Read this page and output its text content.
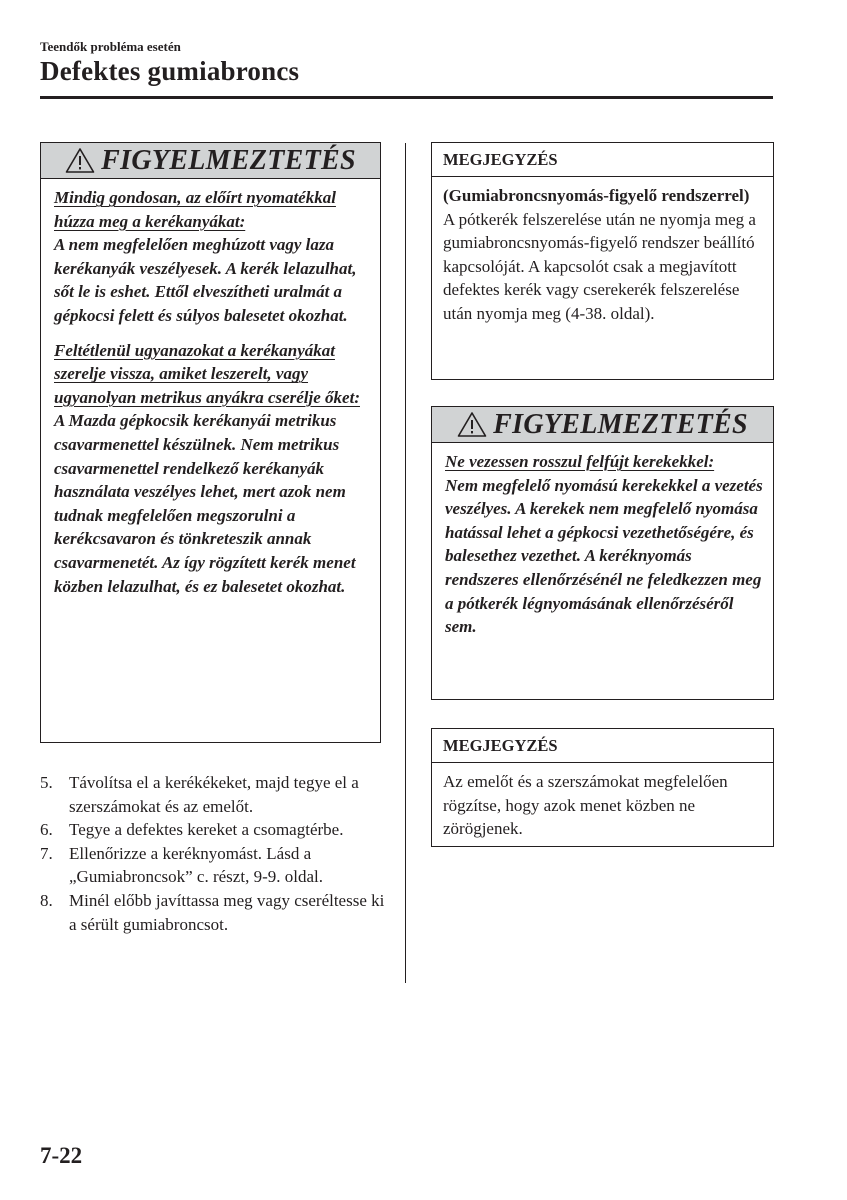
Teendők probléma esetén
Defektes gumiabroncs
FIGYELMEZTETÉS

Mindig gondosan, az előírt nyomatékkal húzza meg a kerékanyákat:
A nem megfelelően meghúzott vagy laza kerékanyák veszélyesek. A kerék lelazulhat, sőt le is eshet. Ettől elveszítheti uralmát a gépkocsi felett és súlyos balesetet okozhat.

Feltétlenül ugyanazokat a kerékanyákat szerelje vissza, amiket leszerelt, vagy ugyanolyan metrikus anyákra cserélje őket:
A Mazda gépkocsik kerékanyái metrikus csavarmenettel készülnek. Nem metrikus csavarmenettel rendelkező kerékanyák használata veszélyes lehet, mert azok nem tudnak megfelelően megszorulni a kerékcsavaron és tönkreteszik annak csavarmenetét. Az így rögzített kerék menet közben lelazulhat, és ez balesetet okozhat.

5. Távolítsa el a kerékékeket, majd tegye el a szerszámokat és az emelőt.
6. Tegye a defektes kereket a csomagtérbe.
7. Ellenőrizze a keréknyomást. Lásd a „Gumiabroncsok” c. részt, 9-9. oldal.
8. Minél előbb javíttassa meg vagy cseréltesse ki a sérült gumiabroncsot.
MEGJEGYZÉS
(Gumiabroncsnyomás-figyelő rendszerrel)
A pótkerék felszerelése után ne nyomja meg a gumiabroncsnyomás-figyelő rendszer beállító kapcsolóját. A kapcsolót csak a megjavított defektes kerék vagy cserekerék felszerelése után nyomja meg (4-38. oldal).
FIGYELMEZTETÉS

Ne vezessen rosszul felfújt kerekekkel:
Nem megfelelő nyomású kerekekkel a vezetés veszélyes. A kerekek nem megfelelő nyomása hatással lehet a gépkocsi vezethetőségére, és balesethez vezethet. A keréknyomás rendszeres ellenőrzésénél ne feledkezzen meg a pótkerék légnyomásának ellenőrzéséről sem.

MEGJEGYZÉS
Az emelőt és a szerszámokat megfelelően rögzítse, hogy azok menet közben ne zörögjenek.
7-22
